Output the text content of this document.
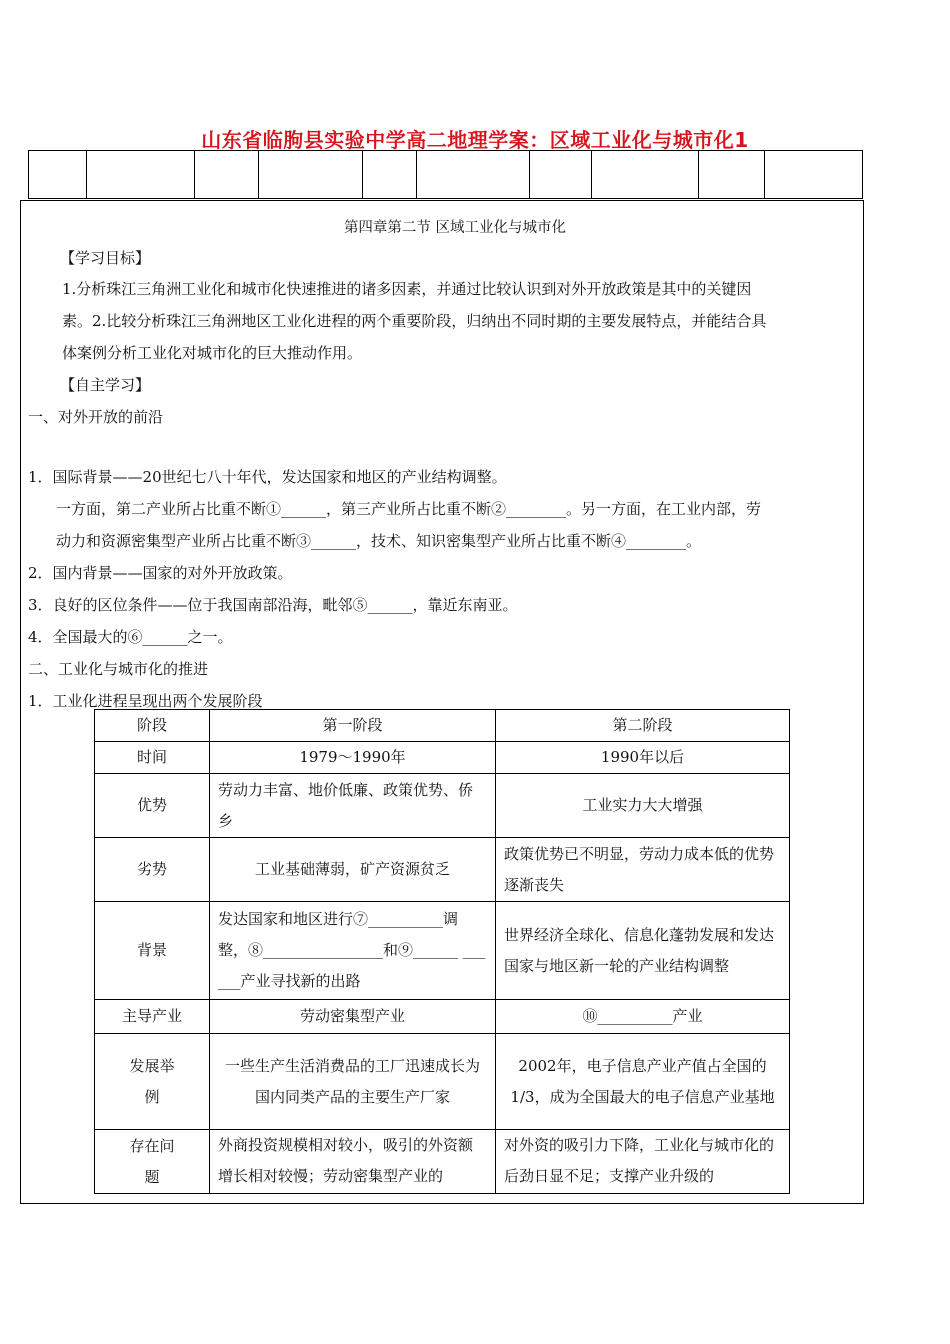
山东省临朐县实验中学高二地理学案：区域工业化与城市化1

第四章第二节 区域工业化与城市化
【学习目标】
1.分析珠江三角洲工业化和城市化快速推进的诸多因素，并通过比较认识到对外开放政策是其中的关键因
素。2.比较分析珠江三角洲地区工业化进程的两个重要阶段，归纳出不同时期的主要发展特点，并能结合具
体案例分析工业化对城市化的巨大推动作用。
【自主学习】
一、对外开放的前沿
1．国际背景——20世纪七八十年代，发达国家和地区的产业结构调整。
一方面，第二产业所占比重不断①______，第三产业所占比重不断②________。另一方面，在工业内部，劳
动力和资源密集型产业所占比重不断③______，技术、知识密集型产业所占比重不断④________。
2．国内背景——国家的对外开放政策。
3．良好的区位条件——位于我国南部沿海，毗邻⑤______，靠近东南亚。
4．全国最大的⑥______之一。
二、工业化与城市化的推进
1．工业化进程呈现出两个发展阶段
阶段	第一阶段	第二阶段
时间	1979～1990年	1990年以后
优势	劳动力丰富、地价低廉、政策优势、侨乡	工业实力大大增强
劣势	工业基础薄弱，矿产资源贫乏	政策优势已不明显，劳动力成本低的优势逐渐丧失
背景	发达国家和地区进行⑦__________调整，⑧________________和⑨______ ______产业寻找新的出路	世界经济全球化、信息化蓬勃发展和发达国家与地区新一轮的产业结构调整
主导产业	劳动密集型产业	⑩__________产业
发展举例	一些生产生活消费品的工厂迅速成长为国内同类产品的主要生产厂家	2002年，电子信息产业产值占全国的1/3，成为全国最大的电子信息产业基地
存在问题	外商投资规模相对较小，吸引的外资额增长相对较慢；劳动密集型产业的	对外资的吸引力下降，工业化与城市化的后劲日显不足；支撑产业升级的
